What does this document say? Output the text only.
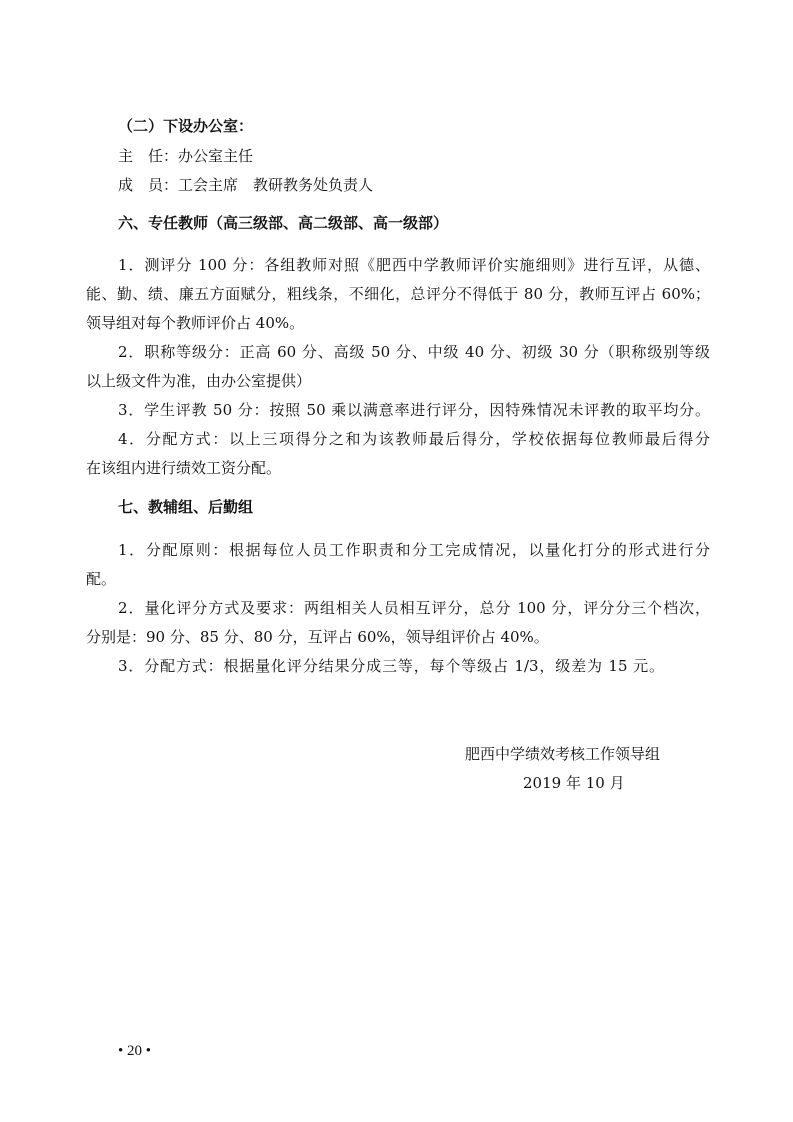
（二）下设办公室：

主　任：办公室主任

成　员：工会主席　教研教务处负责人

六、专任教师（高三级部、高二级部、高一级部）

1．测评分 100 分：各组教师对照《肥西中学教师评价实施细则》进行互评，从德、

能、勤、绩、廉五方面赋分，粗线条，不细化，总评分不得低于 80 分，教师互评占 60%；

领导组对每个教师评价占 40%。

2．职称等级分：正高 60 分、高级 50 分、中级 40 分、初级 30 分（职称级别等级

以上级文件为准，由办公室提供）

3．学生评教 50 分：按照 50 乘以满意率进行评分，因特殊情况未评教的取平均分。

4．分配方式：以上三项得分之和为该教师最后得分，学校依据每位教师最后得分

在该组内进行绩效工资分配。

七、教辅组、后勤组

1．分配原则：根据每位人员工作职责和分工完成情况，以量化打分的形式进行分

配。

2．量化评分方式及要求：两组相关人员相互评分，总分 100 分，评分分三个档次，

分别是：90 分、85 分、80 分，互评占 60%，领导组评价占 40%。

3．分配方式：根据量化评分结果分成三等，每个等级占 1/3，级差为 15 元。

肥西中学绩效考核工作领导组
2019 年 10 月
• 20 •
